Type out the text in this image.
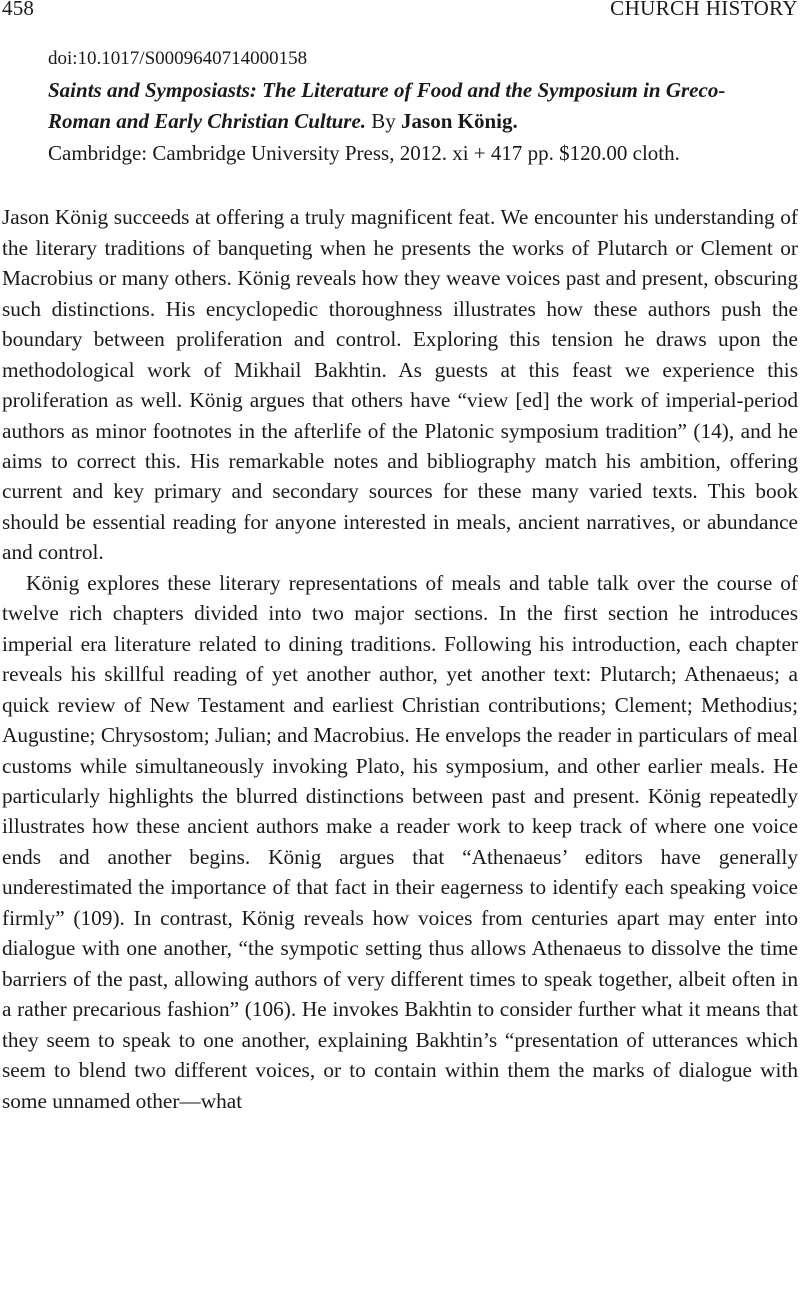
458	CHURCH HISTORY
doi:10.1017/S0009640714000158
Saints and Symposiasts: The Literature of Food and the Symposium in Greco-Roman and Early Christian Culture. By Jason König.
Cambridge: Cambridge University Press, 2012. xi + 417 pp. $120.00 cloth.

Jason König succeeds at offering a truly magnificent feat. We encounter his understanding of the literary traditions of banqueting when he presents the works of Plutarch or Clement or Macrobius or many others. König reveals how they weave voices past and present, obscuring such distinctions. His encyclopedic thoroughness illustrates how these authors push the boundary between proliferation and control. Exploring this tension he draws upon the methodological work of Mikhail Bakhtin. As guests at this feast we experience this proliferation as well. König argues that others have “view [ed] the work of imperial-period authors as minor footnotes in the afterlife of the Platonic symposium tradition” (14), and he aims to correct this. His remarkable notes and bibliography match his ambition, offering current and key primary and secondary sources for these many varied texts. This book should be essential reading for anyone interested in meals, ancient narratives, or abundance and control.

König explores these literary representations of meals and table talk over the course of twelve rich chapters divided into two major sections. In the first section he introduces imperial era literature related to dining traditions. Following his introduction, each chapter reveals his skillful reading of yet another author, yet another text: Plutarch; Athenaeus; a quick review of New Testament and earliest Christian contributions; Clement; Methodius; Augustine; Chrysostom; Julian; and Macrobius. He envelops the reader in particulars of meal customs while simultaneously invoking Plato, his symposium, and other earlier meals. He particularly highlights the blurred distinctions between past and present. König repeatedly illustrates how these ancient authors make a reader work to keep track of where one voice ends and another begins. König argues that “Athenaeus’ editors have generally underestimated the importance of that fact in their eagerness to identify each speaking voice firmly” (109). In contrast, König reveals how voices from centuries apart may enter into dialogue with one another, “the sympotic setting thus allows Athenaeus to dissolve the time barriers of the past, allowing authors of very different times to speak together, albeit often in a rather precarious fashion” (106). He invokes Bakhtin to consider further what it means that they seem to speak to one another, explaining Bakhtin’s “presentation of utterances which seem to blend two different voices, or to contain within them the marks of dialogue with some unnamed other—what
